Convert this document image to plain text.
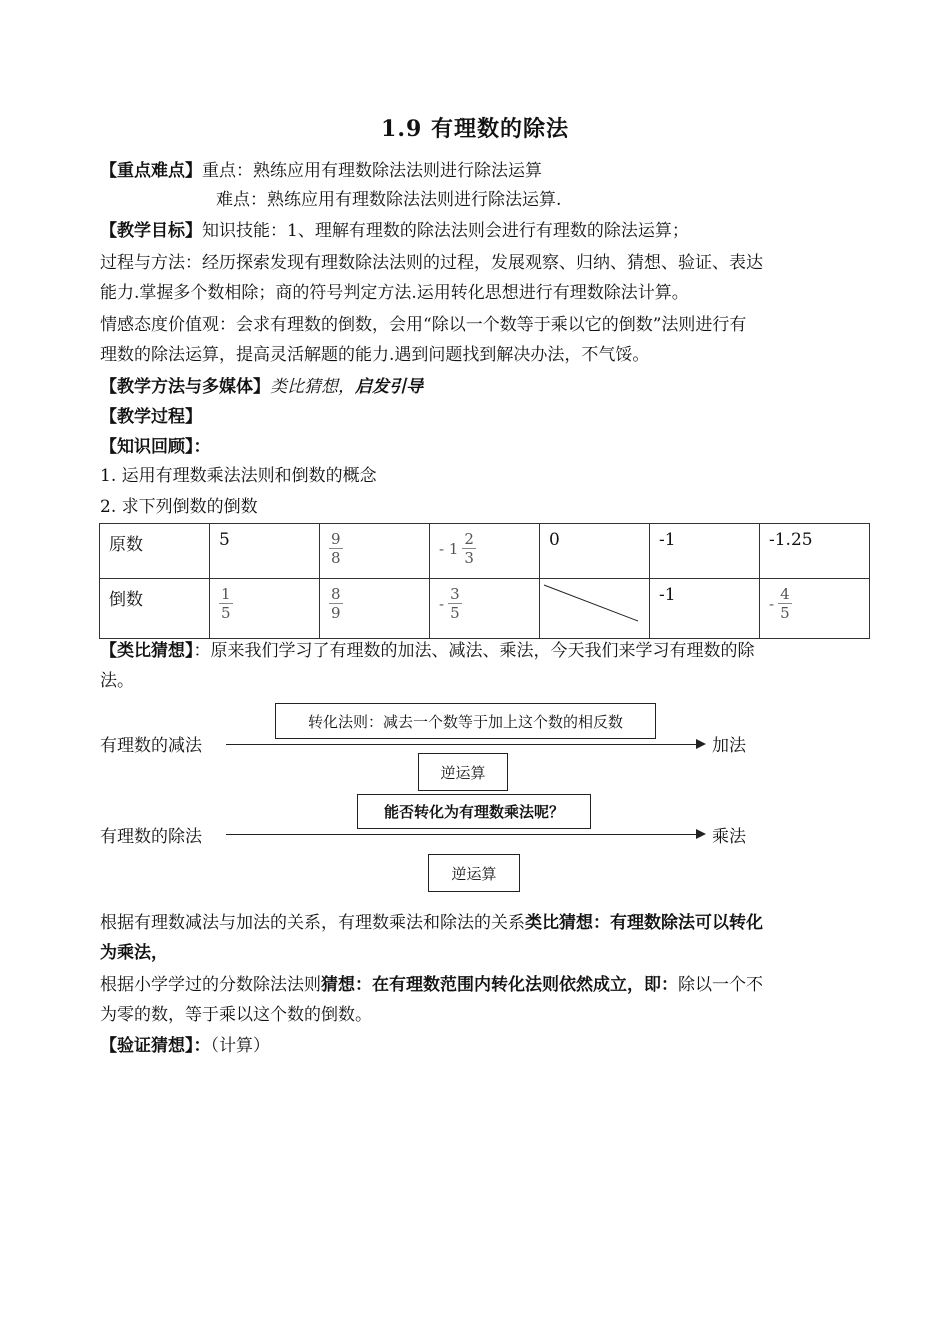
1.9 有理数的除法
【重点难点】重点：熟练应用有理数除法法则进行除法运算
难点：熟练应用有理数除法法则进行除法运算.
【教学目标】知识技能：1、理解有理数的除法法则会进行有理数的除法运算；
过程与方法：经历探索发现有理数除法法则的过程，发展观察、归纳、猜想、验证、表达
能力.掌握多个数相除；商的符号判定方法.运用转化思想进行有理数除法计算。
情感态度价值观：会求有理数的倒数，会用“除以一个数等于乘以它的倒数”法则进行有
理数的除法运算，提高灵活解题的能力.遇到问题找到解决办法，不气馁。
【教学方法与多媒体】类比猜想，启发引导
【教学过程】
【知识回顾】：
1. 运用有理数乘法法则和倒数的概念
2. 求下列倒数的倒数
原数	5	$\frac{9}{8}$	- $1 \frac{2}{3}$	0	-1	-1.25

倒数	$\frac{1}{5}$	$\frac{8}{9}$	- $\frac{3}{5}$		-1	- $\frac{4}{5}$
【类比猜想】：原来我们学习了有理数的加法、减法、乘法，今天我们来学习有理数的除
法。
转化法则：减去一个数等于加上这个数的相反数
有理数的减法	加法
逆运算
能否转化为有理数乘法呢？
有理数的除法	乘法
逆运算
根据有理数减法与加法的关系，有理数乘法和除法的关系类比猜想：有理数除法可以转化
为乘法，
根据小学学过的分数除法法则猜想：在有理数范围内转化法则依然成立，即：除以一个不
为零的数，等于乘以这个数的倒数。
【验证猜想】：（计算）
